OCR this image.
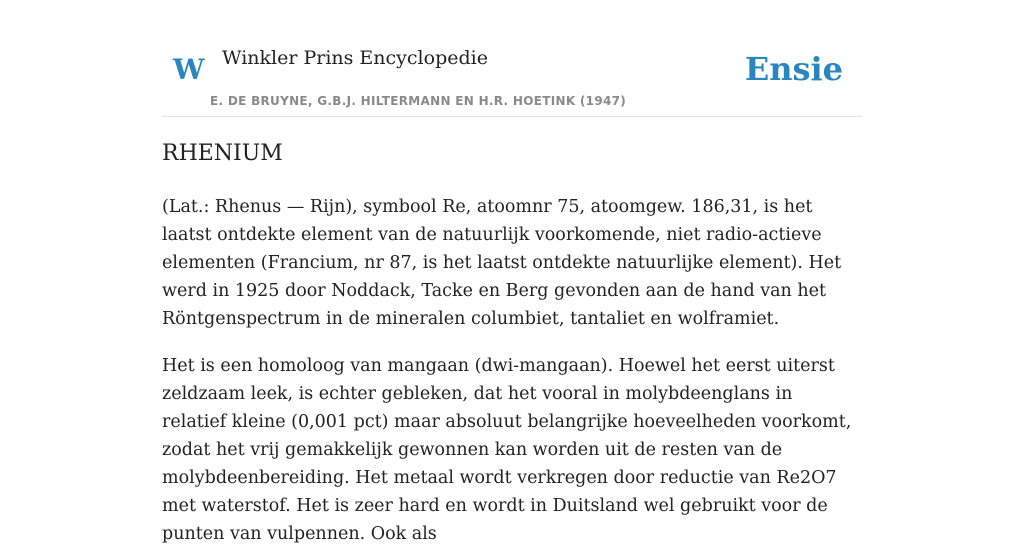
W Winkler Prins Encyclopedie
E. DE BRUYNE, G.B.J. HILTERMANN EN H.R. HOETINK (1947)
Ensie
RHENIUM

(Lat.: Rhenus — Rijn), symbool Re, atoomnr 75, atoomgew. 186,31, is het laatst ontdekte element van de natuurlijk voorkomende, niet radio-actieve elementen (Francium, nr 87, is het laatst ontdekte natuurlijke element). Het werd in 1925 door Noddack, Tacke en Berg gevonden aan de hand van het Röntgenspectrum in de mineralen columbiet, tantaliet en wolframiet.

Het is een homoloog van mangaan (dwi-mangaan). Hoewel het eerst uiterst zeldzaam leek, is echter gebleken, dat het vooral in molybdeenglans in relatief kleine (0,001 pct) maar absoluut belangrijke hoeveelheden voorkomt, zodat het vrij gemakkelijk gewonnen kan worden uit de resten van de molybdeenbereiding. Het metaal wordt verkregen door reductie van Re2O7 met waterstof. Het is zeer hard en wordt in Duitsland wel gebruikt voor de punten van vulpennen. Ook als
